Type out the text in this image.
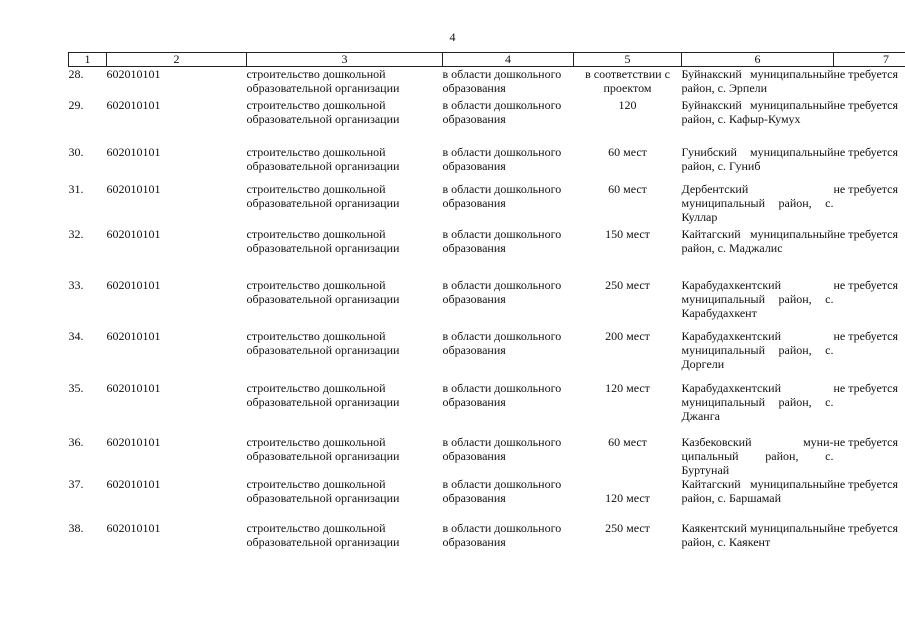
4
1	2	3	4	5	6	7
28.	602010101	строительство дошкольной образовательной организации	в области дошкольного образования	в соответствии с проектом	Буйнакский муниципальный район, с. Эрпели	не требуется
29.	602010101	строительство дошкольной образовательной организации	в области дошкольного образования	120	Буйнакский муниципальный район, с. Кафыр-Кумух	не требуется
30.	602010101	строительство дошкольной образовательной организации	в области дошкольного образования	60 мест	Гунибский муниципальный район, с. Гуниб	не требуется
31.	602010101	строительство дошкольной образовательной организации	в области дошкольного образования	60 мест	Дербентский муниципальный район, с. Куллар	не требуется
32.	602010101	строительство дошкольной образовательной организации	в области дошкольного образования	150 мест	Кайтагский муниципальный район, с. Маджалис	не требуется
33.	602010101	строительство дошкольной образовательной организации	в области дошкольного образования	250 мест	Карабудахкентский муниципальный район, с. Карабудахкент	не требуется
34.	602010101	строительство дошкольной образовательной организации	в области дошкольного образования	200 мест	Карабудахкентский муниципальный район, с. Доргели	не требуется
35.	602010101	строительство дошкольной образовательной организации	в области дошкольного образования	120 мест	Карабудахкентский муниципальный район, с. Джанга	не требуется
36.	602010101	строительство дошкольной образовательной организации	в области дошкольного образования	60 мест	Казбековский муни-ципальный район, с. Буртунай	не требуется
37.	602010101	строительство дошкольной образовательной организации	в области дошкольного образования	120 мест	Кайтагский муниципальный район, с. Баршамай	не требуется
38.	602010101	строительство дошкольной образовательной организации	в области дошкольного образования	250 мест	Каякентский муниципальный район, с. Каякент	не требуется
